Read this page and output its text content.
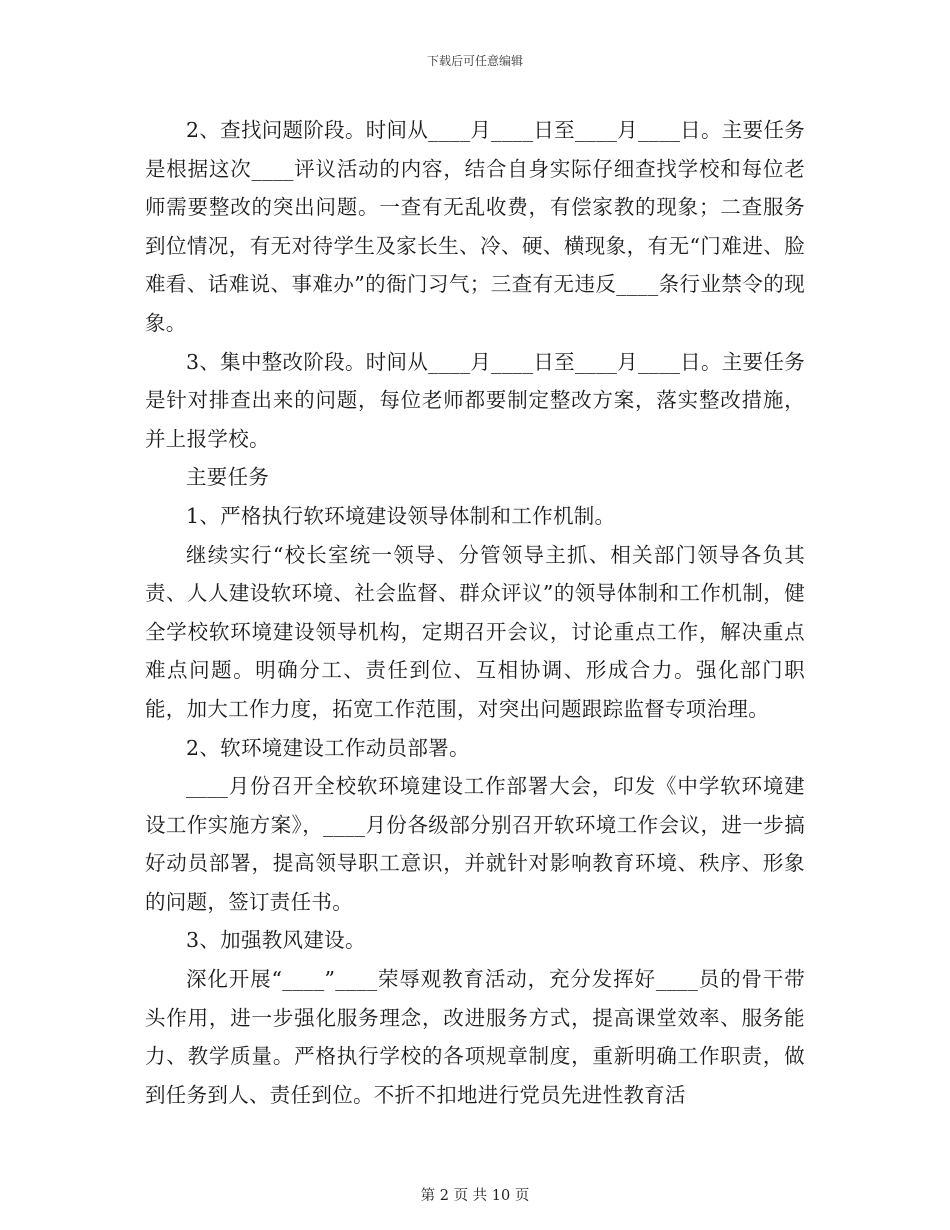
下载后可任意编辑

2、查找问题阶段。时间从____月____日至____月____日。主要任务是根据这次____评议活动的内容，结合自身实际仔细查找学校和每位老师需要整改的突出问题。一查有无乱收费，有偿家教的现象；二查服务到位情况，有无对待学生及家长生、冷、硬、横现象，有无“门难进、脸难看、话难说、事难办”的衙门习气；三查有无违反____条行业禁令的现象。

3、集中整改阶段。时间从____月____日至____月____日。主要任务是针对排查出来的问题，每位老师都要制定整改方案，落实整改措施，并上报学校。

主要任务

1、严格执行软环境建设领导体制和工作机制。

继续实行“校长室统一领导、分管领导主抓、相关部门领导各负其责、人人建设软环境、社会监督、群众评议”的领导体制和工作机制，健全学校软环境建设领导机构，定期召开会议，讨论重点工作，解决重点难点问题。明确分工、责任到位、互相协调、形成合力。强化部门职能，加大工作力度，拓宽工作范围，对突出问题跟踪监督专项治理。

2、软环境建设工作动员部署。

____月份召开全校软环境建设工作部署大会，印发《中学软环境建设工作实施方案》，____月份各级部分别召开软环境工作会议，进一步搞好动员部署，提高领导职工意识，并就针对影响教育环境、秩序、形象的问题，签订责任书。

3、加强教风建设。

深化开展“____”____荣辱观教育活动，充分发挥好____员的骨干带头作用，进一步强化服务理念，改进服务方式，提高课堂效率、服务能力、教学质量。严格执行学校的各项规章制度，重新明确工作职责，做到任务到人、责任到位。不折不扣地进行党员先进性教育活

第 2 页 共 10 页
